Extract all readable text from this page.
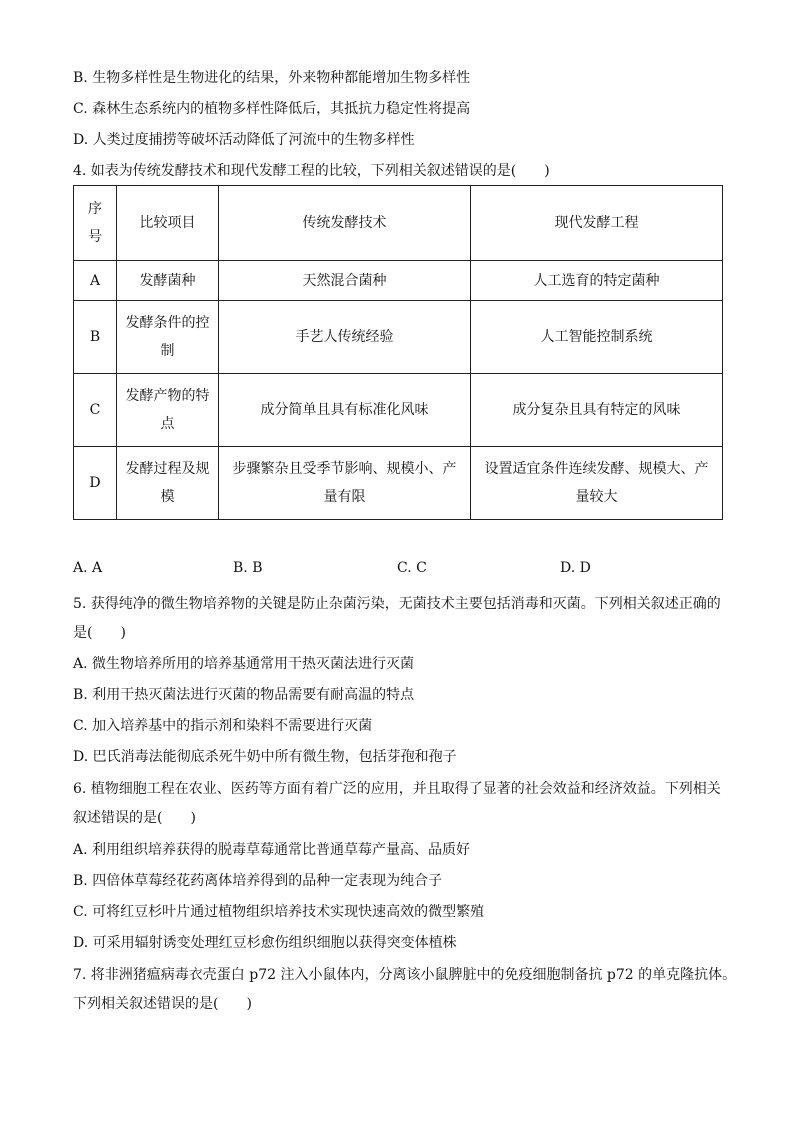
B. 生物多样性是生物进化的结果，外来物种都能增加生物多样性
C. 森林生态系统内的植物多样性降低后，其抵抗力稳定性将提高
D. 人类过度捕捞等破坏活动降低了河流中的生物多样性
4. 如表为传统发酵技术和现代发酵工程的比较，下列相关叙述错误的是(　　)
序号	比较项目	传统发酵技术	现代发酵工程
A	发酵菌种	天然混合菌种	人工选育的特定菌种
B	发酵条件的控制	手艺人传统经验	人工智能控制系统
C	发酵产物的特点	成分简单且具有标准化风味	成分复杂且具有特定的风味
D	发酵过程及规模	步骤繁杂且受季节影响、规模小、产量有限	设置适宜条件连续发酵、规模大、产量较大
A. A	B. B	C. C	D. D
5. 获得纯净的微生物培养物的关键是防止杂菌污染，无菌技术主要包括消毒和灭菌。下列相关叙述正确的
是(　　)
A. 微生物培养所用的培养基通常用干热灭菌法进行灭菌
B. 利用干热灭菌法进行灭菌的物品需要有耐高温的特点
C. 加入培养基中的指示剂和染料不需要进行灭菌
D. 巴氏消毒法能彻底杀死牛奶中所有微生物，包括芽孢和孢子
6. 植物细胞工程在农业、医药等方面有着广泛的应用，并且取得了显著的社会效益和经济效益。下列相关
叙述错误的是(　　)
A. 利用组织培养获得的脱毒草莓通常比普通草莓产量高、品质好
B. 四倍体草莓经花药离体培养得到的品种一定表现为纯合子
C. 可将红豆杉叶片通过植物组织培养技术实现快速高效的微型繁殖
D. 可采用辐射诱变处理红豆杉愈伤组织细胞以获得突变体植株
7. 将非洲猪瘟病毒衣壳蛋白 p72 注入小鼠体内，分离该小鼠脾脏中的免疫细胞制备抗 p72 的单克隆抗体。
下列相关叙述错误的是(　　)
